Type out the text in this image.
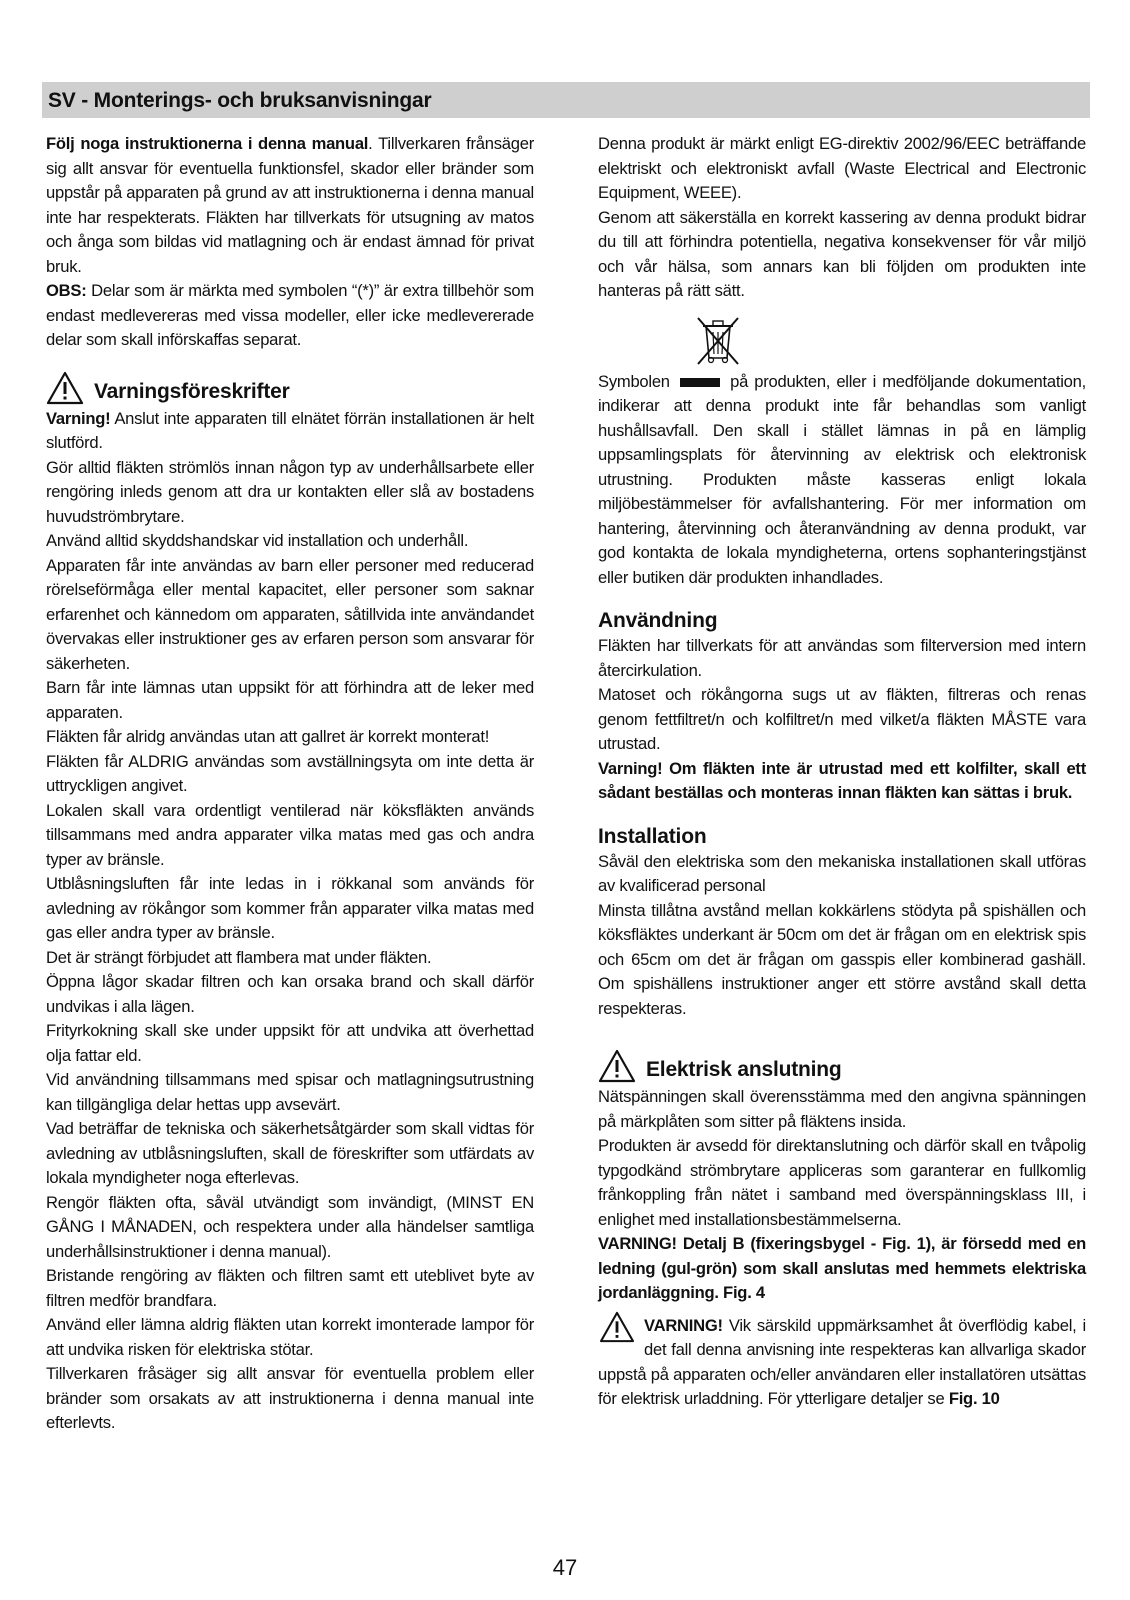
SV - Monterings- och bruksanvisningar

Följ noga instruktionerna i denna manual. Tillverkaren frånsäger sig allt ansvar för eventuella funktionsfel, skador eller bränder som uppstår på apparaten på grund av att instruktionerna i denna manual inte har respekterats. Fläkten har tillverkats för utsugning av matos och ånga som bildas vid matlagning och är endast ämnad för privat bruk.

OBS: Delar som är märkta med symbolen “(*)” är extra tillbehör som endast medlevereras med vissa modeller, eller icke medlevererade delar som skall införskaffas separat.

Varningsföreskrifter

Varning! Anslut inte apparaten till elnätet förrän installationen är helt slutförd.

Gör alltid fläkten strömlös innan någon typ av underhållsarbete eller rengöring inleds genom att dra ur kontakten eller slå av bostadens huvudströmbrytare.

Använd alltid skyddshandskar vid installation och underhåll.

Apparaten får inte användas av barn eller personer med reducerad rörelseförmåga eller mental kapacitet, eller personer som saknar erfarenhet och kännedom om apparaten, såtillvida inte användandet övervakas eller instruktioner ges av erfaren person som ansvarar för säkerheten.

Barn får inte lämnas utan uppsikt för att förhindra att de leker med apparaten.

Fläkten får alridg användas utan att gallret är korrekt monterat!

Fläkten får ALDRIG användas som avställningsyta om inte detta är uttryckligen angivet.

Lokalen skall vara ordentligt ventilerad när köksfläkten används tillsammans med andra apparater vilka matas med gas och andra typer av bränsle.

Utblåsningsluften får inte ledas in i rökkanal som används för avledning av rökångor som kommer från apparater vilka matas med gas eller andra typer av bränsle.

Det är strängt förbjudet att flambera mat under fläkten.

Öppna lågor skadar filtren och kan orsaka brand och skall därför undvikas i alla lägen.

Frityrkokning skall ske under uppsikt för att undvika att överhettad olja fattar eld.

Vid användning tillsammans med spisar och matlagningsutrustning kan tillgängliga delar hettas upp avsevärt.

Vad beträffar de tekniska och säkerhetsåtgärder som skall vidtas för avledning av utblåsningsluften, skall de föreskrifter som utfärdats av lokala myndigheter noga efterlevas.

Rengör fläkten ofta, såväl utvändigt som invändigt, (MINST EN GÅNG I MÅNADEN, och respektera under alla händelser samtliga underhållsinstruktioner i denna manual).

Bristande rengöring av fläkten och filtren samt ett uteblivet byte av filtren medför brandfara.

Använd eller lämna aldrig fläkten utan korrekt imonterade lampor för att undvika risken för elektriska stötar.

Tillverkaren fråsäger sig allt ansvar för eventuella problem eller bränder som orsakats av att instruktionerna i denna manual inte efterlevts.

Denna produkt är märkt enligt EG-direktiv 2002/96/EEC beträffande elektriskt och elektroniskt avfall (Waste Electrical and Electronic Equipment, WEEE).

Genom att säkerställa en korrekt kassering av denna produkt bidrar du till att förhindra potentiella, negativa konsekvenser för vår miljö och vår hälsa, som annars kan bli följden om produkten inte hanteras på rätt sätt.

Symbolen	på produkten, eller i medföljande dokumentation, indikerar att denna produkt inte får behandlas som vanligt hushållsavfall. Den skall i stället lämnas in på en lämplig uppsamlingsplats för återvinning av elektrisk och elektronisk utrustning. Produkten måste kasseras enligt lokala miljöbestämmelser för avfallshantering. För mer information om hantering, återvinning och återanvändning av denna produkt, var god kontakta de lokala myndigheterna, ortens sophanteringstjänst eller butiken där produkten inhandlades.

Användning

Fläkten har tillverkats för att användas som filterversion med intern återcirkulation.

Matoset och rökångorna sugs ut av fläkten, filtreras och renas genom fettfiltret/n och kolfiltret/n med vilket/a fläkten MÅSTE vara utrustad.

Varning! Om fläkten inte är utrustad med ett kolfilter, skall ett sådant beställas och monteras innan fläkten kan sättas i bruk.

Installation

Såväl den elektriska som den mekaniska installationen skall utföras av kvalificerad personal

Minsta tillåtna avstånd mellan kokkärlens stödyta på spishällen och köksfläktes underkant är 50cm om det är frågan om en elektrisk spis och 65cm om det är frågan om gasspis eller kombinerad gashäll. Om spishällens instruktioner anger ett större avstånd skall detta respekteras.

Elektrisk anslutning

Nätspänningen skall överensstämma med den angivna spänningen på märkplåten som sitter på fläktens insida.

Produkten är avsedd för direktanslutning och därför skall en tvåpolig typgodkänd strömbrytare appliceras som garanterar en fullkomlig frånkoppling från nätet i samband med överspänningsklass III, i enlighet med installationsbestämmelserna.

VARNING! Detalj B (fixeringsbygel - Fig. 1), är försedd med en ledning (gul-grön) som skall anslutas med hemmets elektriska jordanläggning. Fig. 4

VARNING! Vik särskild uppmärksamhet åt överflödig kabel, i det fall denna anvisning inte respekteras kan allvarliga skador uppstå på apparaten och/eller användaren eller installatören utsättas för elektrisk urladdning. För ytterligare detaljer se Fig. 10

47
